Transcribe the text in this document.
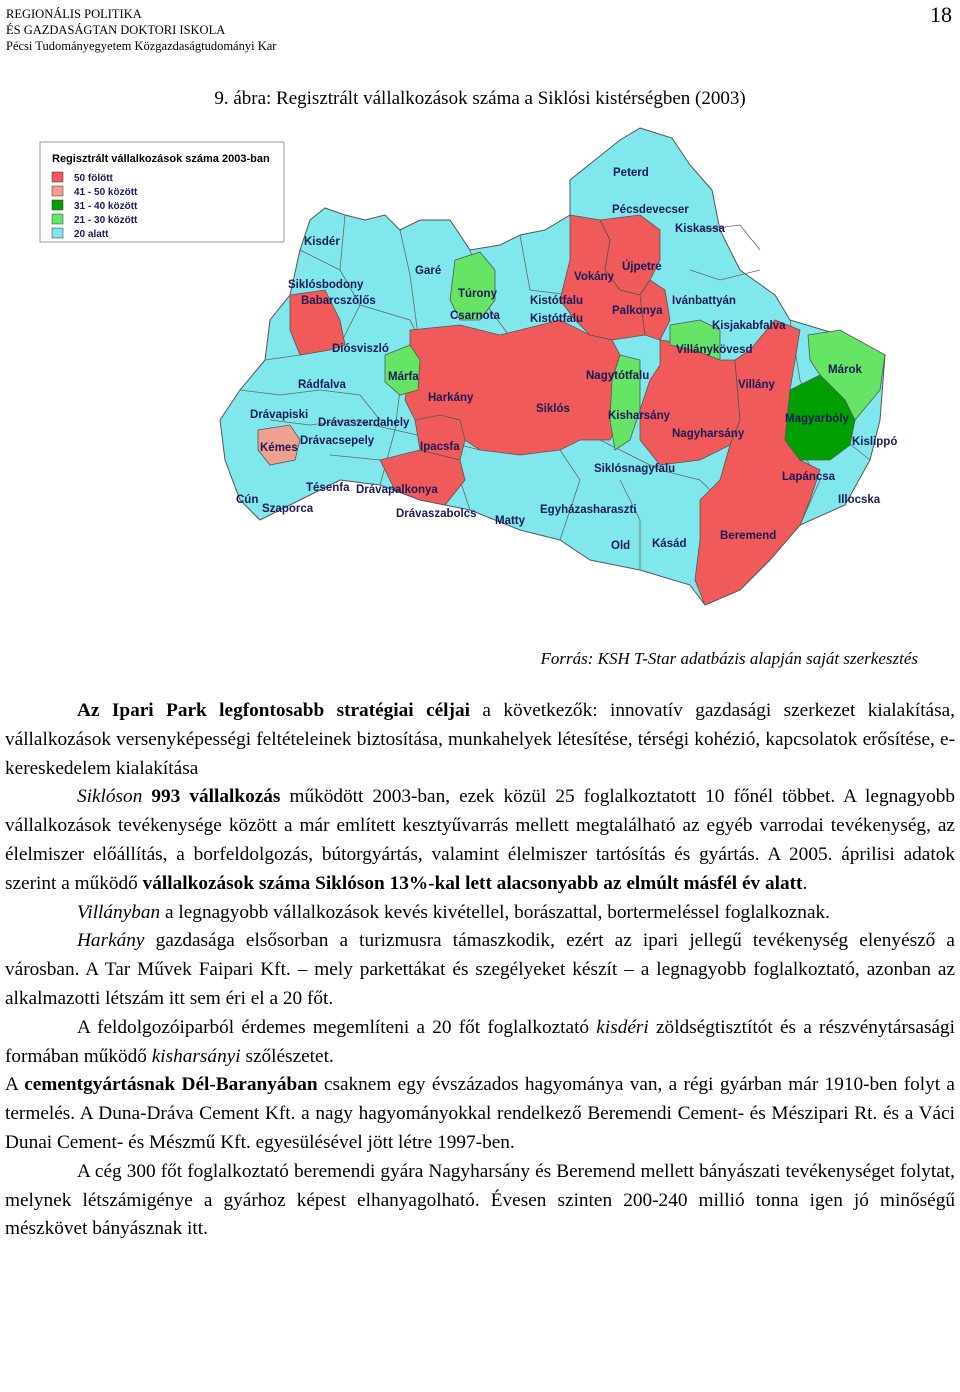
REGIONÁLIS POLITIKA
ÉS GAZDASÁGTAN DOKTORI ISKOLA
Pécsi Tudományegyetem Közgazdaságtudományi Kar
18
9. ábra: Regisztrált vállalkozások száma a Siklósi kistérségben (2003)
Regisztrált vállalkozások száma 2003-ban
50 fölött
41 - 50 között
31 - 40 között
21 - 30 között
20 alatt
Peterd
Pécsdevecser
Kiskassa
Kisdér
Garé
Túrony
Csarnota
Újpetre
Vokány
Siklósbodony
Babarcszőlős	Kistótfalu
Kistótfalu
Ivánbattyán
Palkonya
Kisjakabfalva
Diósviszló	Villánykövesd
Márok
Márfa	Nagytótfalu
Villány
Rádfalva
Harkány
Siklós
Kisharsány	Magyarbóly
Drávapiski
Drávaszerdahely
Nagyharsány
Kislippó
Kémes
Drávacsepely	Ipacsfa
Siklósnagyfalu
Lapáncsa
Tésenfa Drávapalkonya
Cún
Szaporca
Illocska
Egyházasharaszti
Drávaszabolcs
Matty
Beremend
Old Kásád
Forrás: KSH T-Star adatbázis alapján saját szerkesztés

Az Ipari Park legfontosabb stratégiai céljai a következők: innovatív gazdasági szerkezet kialakítása, vállalkozások versenyképességi feltételeinek biztosítása, munkahelyek létesítése, térségi kohézió, kapcsolatok erősítése, e-kereskedelem kialakítása

Siklóson 993 vállalkozás működött 2003-ban, ezek közül 25 foglalkoztatott 10 főnél többet. A legnagyobb vállalkozások tevékenysége között a már említett kesztyűvarrás mellett megtalálható az egyéb varrodai tevékenység, az élelmiszer előállítás, a borfeldolgozás, bútorgyártás, valamint élelmiszer tartósítás és gyártás. A 2005. áprilisi adatok szerint a működő vállalkozások száma Siklóson 13%-kal lett alacsonyabb az elmúlt másfél év alatt.

Villányban a legnagyobb vállalkozások kevés kivétellel, borászattal, bortermeléssel foglalkoznak.

Harkány gazdasága elsősorban a turizmusra támaszkodik, ezért az ipari jellegű tevékenység elenyésző a városban. A Tar Művek Faipari Kft. – mely parkettákat és szegélyeket készít – a legnagyobb foglalkoztató, azonban az alkalmazotti létszám itt sem éri el a 20 főt.

A feldolgozóiparból érdemes megemlíteni a 20 főt foglalkoztató kisdéri zöldségtisztítót és a részvénytársasági formában működő kisharsányi szőlészetet.

A cementgyártásnak Dél-Baranyában csaknem egy évszázados hagyománya van, a régi gyárban már 1910-ben folyt a termelés. A Duna-Dráva Cement Kft. a nagy hagyományokkal rendelkező Beremendi Cement- és Mészipari Rt. és a Váci Dunai Cement- és Mészmű Kft. egyesülésével jött létre 1997-ben.

A cég 300 főt foglalkoztató beremendi gyára Nagyharsány és Beremend mellett bányászati tevékenységet folytat, melynek létszámigénye a gyárhoz képest elhanyagolható. Évesen szinten 200-240 millió tonna igen jó minőségű mészkövet bányásznak itt.
